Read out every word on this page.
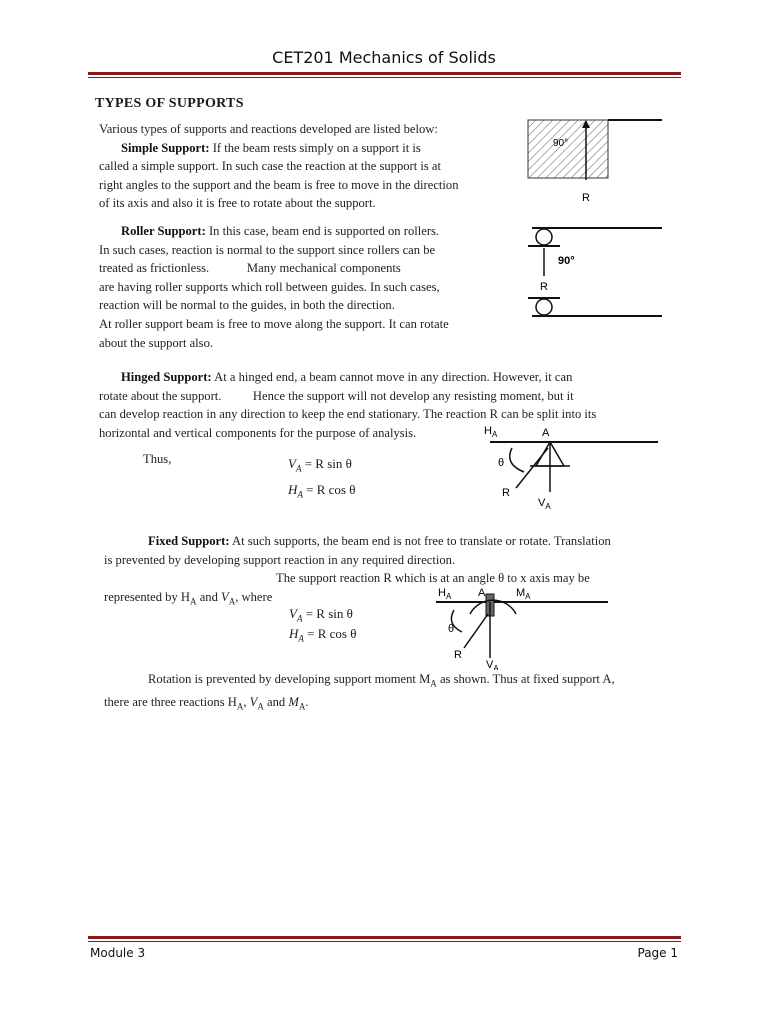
CET201 Mechanics of Solids
TYPES OF SUPPORTS
Various types of supports and reactions developed are listed below:
Simple Support: If the beam rests simply on a support it is
called a simple support. In such case the reaction at the support is at
right angles to the support and the beam is free to move in the direction
of its axis and also it is free to rotate about the support.
Roller Support: In this case, beam end is supported on rollers.
In such cases, reaction is normal to the support since rollers can be
treated as frictionless.            Many mechanical components
are having roller supports which roll between guides. In such cases,
reaction will be normal to the guides, in both the direction.
At roller support beam is free to move along the support. It can rotate
about the support also.
Hinged Support: At a hinged end, a beam cannot move in any direction. However, it can
rotate about the support.          Hence the support will not develop any resisting moment, but it
can develop reaction in any direction to keep the end stationary. The reaction R can be split into its
horizontal and vertical components for the purpose of analysis.
Thus,	$V_A = R$ sin θ
$H_A = R$ cos θ
Fixed Support: At such supports, the beam end is not free to translate or rotate. Translation
is prevented by developing support reaction in any required direction.
The support reaction R which is at an angle θ to x axis may be
represented by $H_A$ and $V_A$, where
$V_A = R$ sin θ
$H_A = R$ cos θ
Rotation is prevented by developing support moment $M_A$ as shown. Thus at fixed support A,
there are three reactions $H_A$, $V_A$ and $M_A$.
90°
R
90°
R
$H_A$	A
θ
R
$V_A$
$H_A$ A	$M_A$
θ
R
$V_A$
Module 3	Page 1
